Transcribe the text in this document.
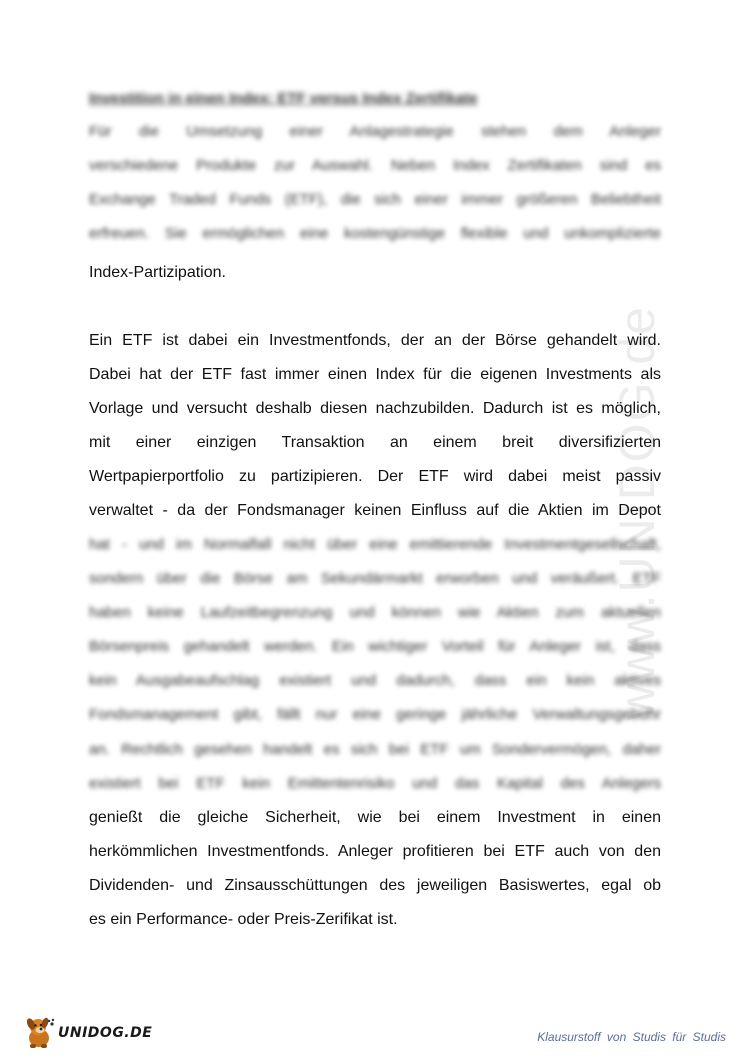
www.UNIDOG.de
Investition in einen Index: ETF versus Index Zertifikate
Für die Umsetzung einer Anlagestrategie stehen dem Anleger
verschiedene Produkte zur Auswahl. Neben Index Zertifikaten sind es
Exchange Traded Funds (ETF), die sich einer immer größeren Beliebtheit
erfreuen. Sie ermöglichen eine kostengünstige flexible und unkomplizierte
Index-Partizipation.
Ein ETF ist dabei ein Investmentfonds, der an der Börse gehandelt wird.
Dabei hat der ETF fast immer einen Index für die eigenen Investments als
Vorlage und versucht deshalb diesen nachzubilden. Dadurch ist es möglich,
mit einer einzigen Transaktion an einem breit diversifizierten
Wertpapierportfolio zu partizipieren. Der ETF wird dabei meist passiv
verwaltet - da der Fondsmanager keinen Einfluss auf die Aktien im Depot
hat - und im Normalfall nicht über eine emittierende Investmentgesellschaft,
sondern über die Börse am Sekundärmarkt erworben und veräußert. ETF
haben keine Laufzeitbegrenzung und können wie Aktien zum aktuellen
Börsenpreis gehandelt werden. Ein wichtiger Vorteil für Anleger ist, dass
kein Ausgabeaufschlag existiert und dadurch, dass ein kein aktives
Fondsmanagement gibt, fällt nur eine geringe jährliche Verwaltungsgebühr
an. Rechtlich gesehen handelt es sich bei ETF um Sondervermögen, daher
existiert bei ETF kein Emittentenrisiko und das Kapital des Anlegers
genießt die gleiche Sicherheit, wie bei einem Investment in einen
herkömmlichen Investmentfonds. Anleger profitieren bei ETF auch von den
Dividenden- und Zinsausschüttungen des jeweiligen Basiswertes, egal ob
es ein Performance- oder Preis-Zerifikat ist.
UNIDOG.DE	Klausurstoff von Studis für Studis
